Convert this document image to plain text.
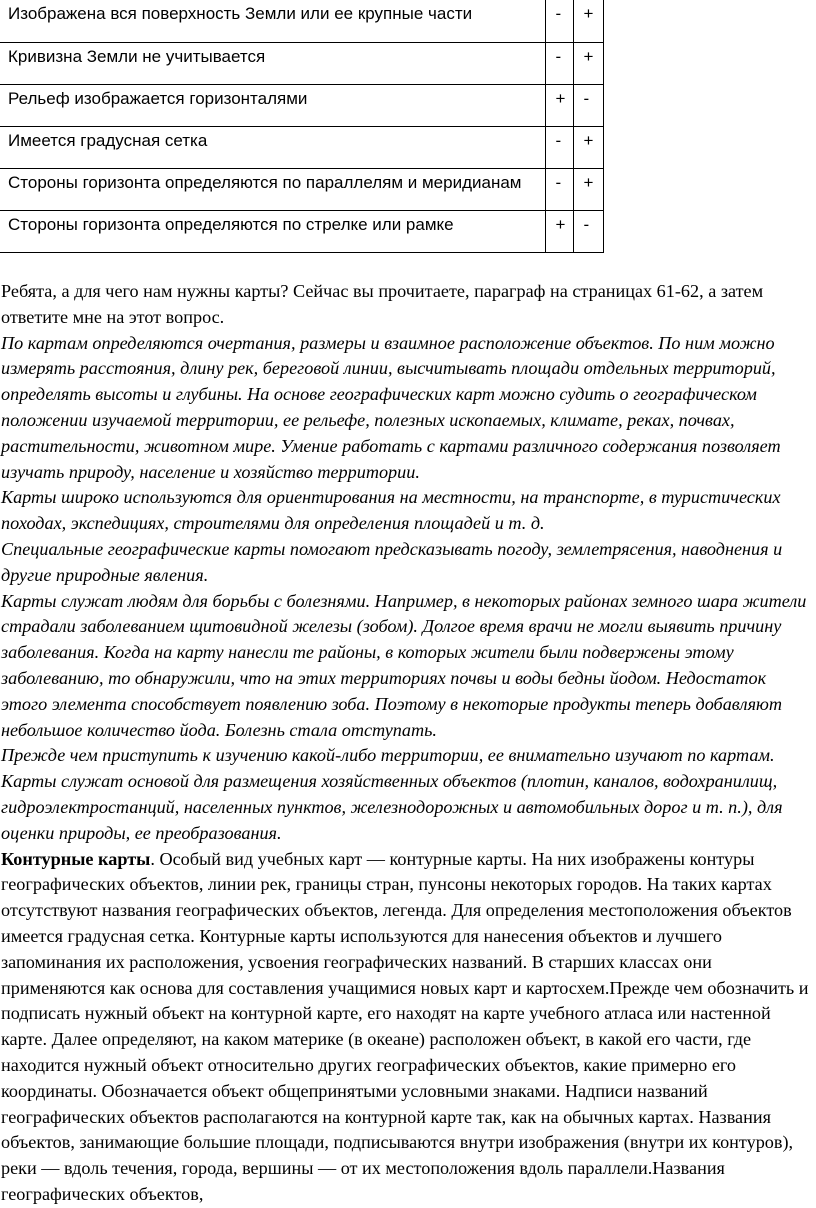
Изображена вся поверхность Земли или ее крупные части	-	+
Кривизна Земли не учитывается	-	+
Рельеф изображается горизонталями	+	-
Имеется градусная сетка	-	+
Стороны горизонта определяются по параллелям и меридианам	-	+
Стороны горизонта определяются по стрелке или рамке	+	-

Ребята, а для чего нам нужны карты? Сейчас вы прочитаете, параграф на страницах 61-62, а затем ответите мне на этот вопрос.

По картам определяются очертания, размеры и взаимное расположение объектов. По ним можно измерять расстояния, длину рек, береговой линии, высчитывать площади отдельных территорий, определять высоты и глубины. На основе географических карт можно судить о географическом положении изучаемой территории, ее рельефе, полезных ископаемых, климате, реках, почвах, растительности, животном мире. Умение работать с картами различного содержания позволяет изучать природу, население и хозяйство территории.

Карты широко используются для ориентирования на местности, на транспорте, в туристических походах, экспедициях, строителями для определения площадей и т. д.

Специальные географические карты помогают предсказывать погоду, землетрясения, наводнения и другие природные явления.

Карты служат людям для борьбы с болезнями. Например, в некоторых районах земного шара жители страдали заболеванием щитовидной железы (зобом). Долгое время врачи не могли выявить причину заболевания. Когда на карту нанесли те районы, в которых жители были подвержены этому заболеванию, то обнаружили, что на этих территориях почвы и воды бедны йодом. Недостаток этого элемента способствует появлению зоба. Поэтому в некоторые продукты теперь добавляют небольшое количество йода. Болезнь стала отступать.

Прежде чем приступить к изучению какой-либо территории, ее внимательно изучают по картам. Карты служат основой для размещения хозяйственных объектов (плотин, каналов, водохранилищ, гидроэлектростанций, населенных пунктов, железнодорожных и автомобильных дорог и т. п.), для оценки природы, ее преобразования.

Контурные карты. Особый вид учебных карт — контурные карты. На них изображены контуры географических объектов, линии рек, границы стран, пунсоны некоторых городов. На таких картах отсутствуют названия географических объектов, легенда. Для определения местоположения объектов имеется градусная сетка. Контурные карты используются для нанесения объектов и лучшего запоминания их расположения, усвоения географических названий. В старших классах они применяются как основа для составления учащимися новых карт и картосхем.Прежде чем обозначить и подписать нужный объект на контурной карте, его находят на карте учебного атласа или настенной карте. Далее определяют, на каком материке (в океане) расположен объект, в какой его части, где находится нужный объект относительно других географических объектов, какие примерно его координаты. Обозначается объект общепринятыми условными знаками. Надписи названий географических объектов располагаются на контурной карте так, как на обычных картах. Названия объектов, занимающие большие площади, подписываются внутри изображения (внутри их контуров), реки — вдоль течения, города, вершины — от их местоположения вдоль параллели.Названия географических объектов,
